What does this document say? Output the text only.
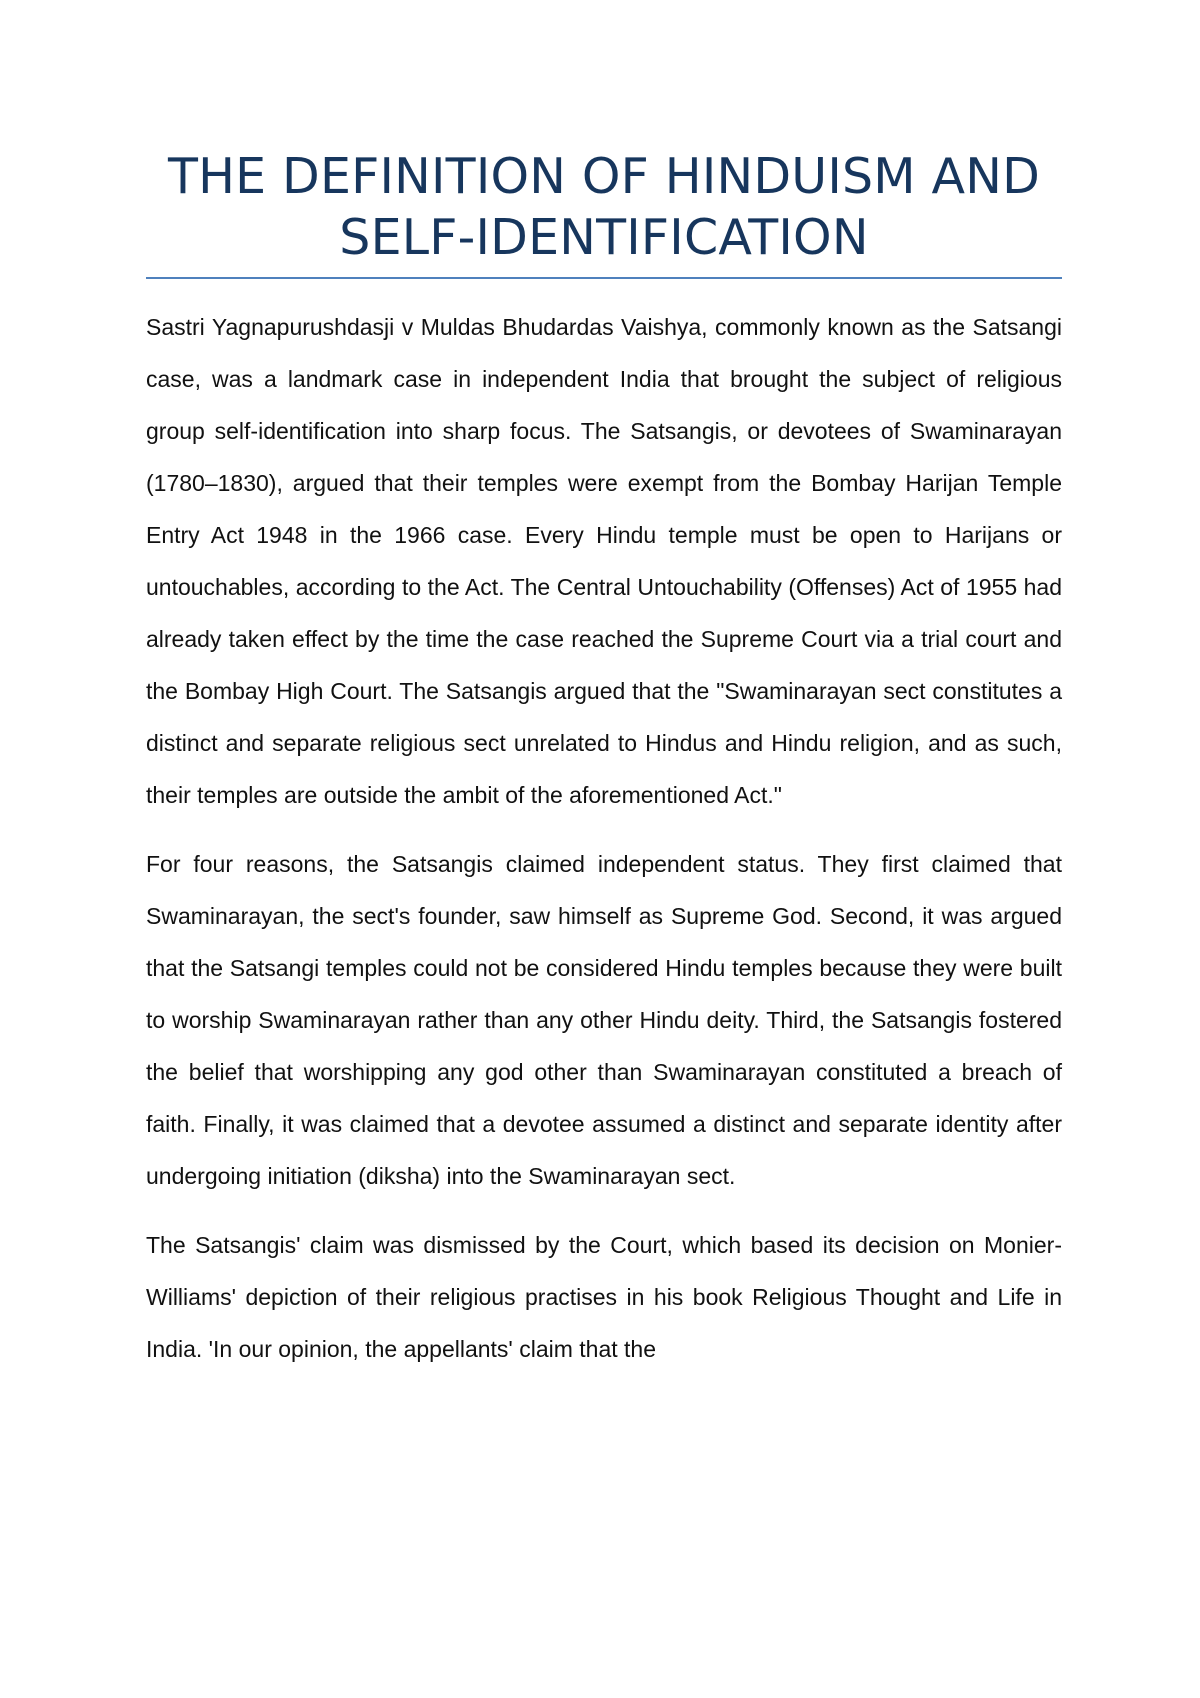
THE DEFINITION OF HINDUISM AND SELF-IDENTIFICATION

Sastri Yagnapurushdasji v Muldas Bhudardas Vaishya, commonly known as the Satsangi case, was a landmark case in independent India that brought the subject of religious group self-identification into sharp focus. The Satsangis, or devotees of Swaminarayan (1780–1830), argued that their temples were exempt from the Bombay Harijan Temple Entry Act 1948 in the 1966 case. Every Hindu temple must be open to Harijans or untouchables, according to the Act. The Central Untouchability (Offenses) Act of 1955 had already taken effect by the time the case reached the Supreme Court via a trial court and the Bombay High Court. The Satsangis argued that the "Swaminarayan sect constitutes a distinct and separate religious sect unrelated to Hindus and Hindu religion, and as such, their temples are outside the ambit of the aforementioned Act."

For four reasons, the Satsangis claimed independent status. They first claimed that Swaminarayan, the sect's founder, saw himself as Supreme God. Second, it was argued that the Satsangi temples could not be considered Hindu temples because they were built to worship Swaminarayan rather than any other Hindu deity. Third, the Satsangis fostered the belief that worshipping any god other than Swaminarayan constituted a breach of faith. Finally, it was claimed that a devotee assumed a distinct and separate identity after undergoing initiation (diksha) into the Swaminarayan sect.

The Satsangis' claim was dismissed by the Court, which based its decision on Monier-Williams' depiction of their religious practises in his book Religious Thought and Life in India. 'In our opinion, the appellants' claim that the
